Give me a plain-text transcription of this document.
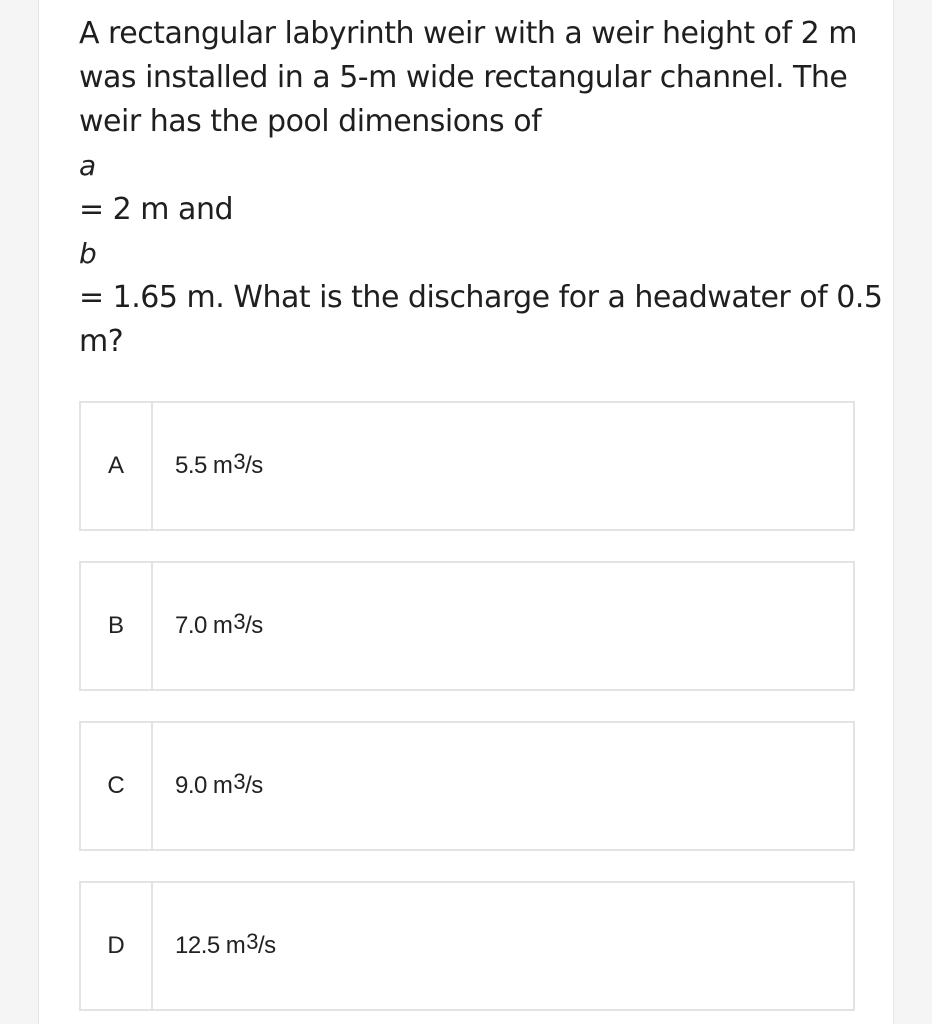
A rectangular labyrinth weir with a weir height of 2 m
was installed in a 5-m wide rectangular channel. The
weir has the pool dimensions of
a
= 2 m and
b
= 1.65 m. What is the discharge for a headwater of 0.5
m?
A	5.5 $m^3$ /s
B	7.0 $m^3$ /s
C	9.0 $m^3$ /s
D	12.5 $m^3$ /s
